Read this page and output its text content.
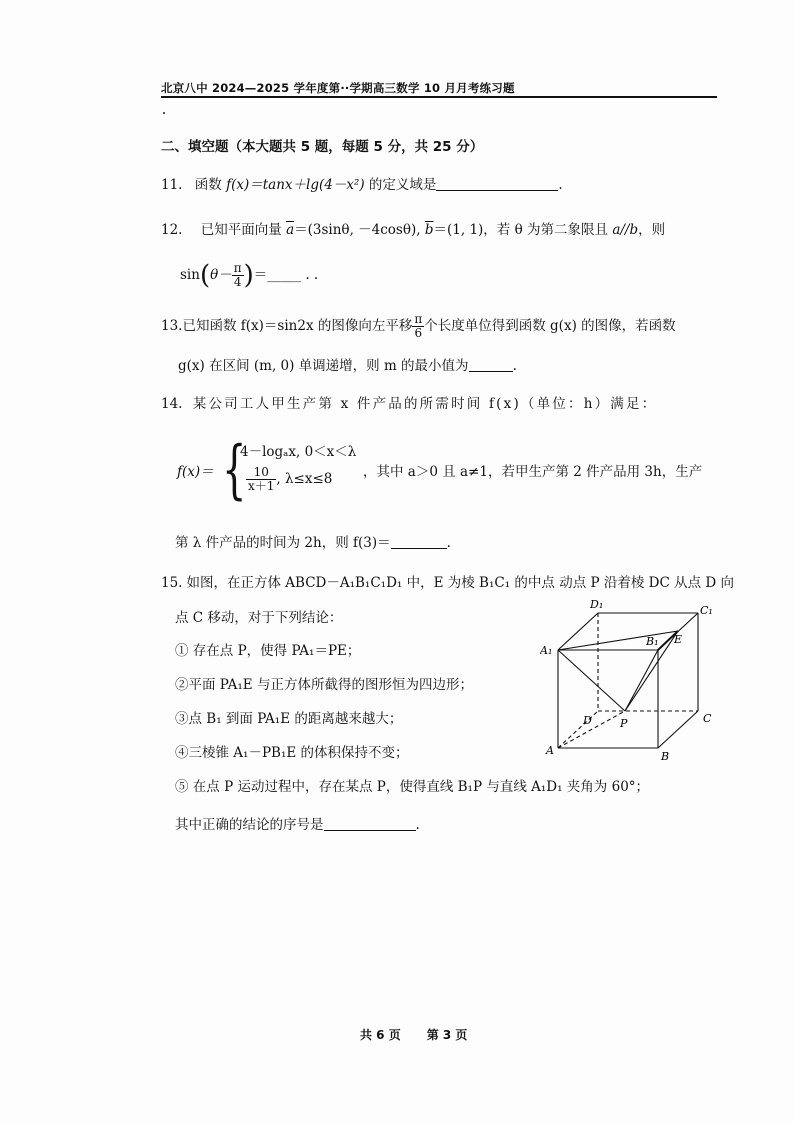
北京八中 2024—2025 学年度第··学期高三数学 10 月月考练习题
二、填空题（本大题共 5 题，每题 5 分，共 25 分）
11. 函数 f(x)＝tanx＋lg(4－x²) 的定义域是	.
12. 已知平面向量 $\overline{a}=(3\sin\theta$, －4cosθ), $\overline{b}=(1$, 1)，若 θ 为第二象限且 a//b，则
$\sin(\theta- \frac{\pi}{4}$ )＝_____ . .
13.已知函数 f(x)＝sin2x 的图像向左平移 $\frac{\pi}{6}$ 个长度单位得到函数 g(x) 的图像，若函数
g(x) 在区间 (m, 0) 单调递增，则 m 的最小值为	.
14. 某公司工人甲生产第 x 件产品的所需时间 f(x)（单位：h）满足：
f(x)＝ {
4－logₐx, 0＜x＜λ
$\frac{10}{x+1}$ , λ≤x≤8 ，其中 a＞0 且 a≠1，若甲生产第 2 件产品用 3h，生产
第 λ 件产品的时间为 2h，则 f(3)＝	.
15. 如图，在正方体 ABCD－A₁B₁C₁D₁ 中，E 为棱 B₁C₁ 的中点 动点 P 沿着棱 DC 从点 D 向
点 C 移动，对于下列结论：
① 存在点 P，使得 PA₁＝PE；
②平面 PA₁E 与正方体所截得的图形恒为四边形；
③点 B₁ 到面 PA₁E 的距离越来越大；
④三棱锥 A₁－PB₁E 的体积保持不变；
⑤ 在点 P 运动过程中，存在某点 P，使得直线 B₁P 与直线 A₁D₁ 夹角为 60°；
其中正确的结论的序号是	.
D₁	C₁
A₁
B₁ E
D	C
A	B
P
共 6 页 第 3 页
